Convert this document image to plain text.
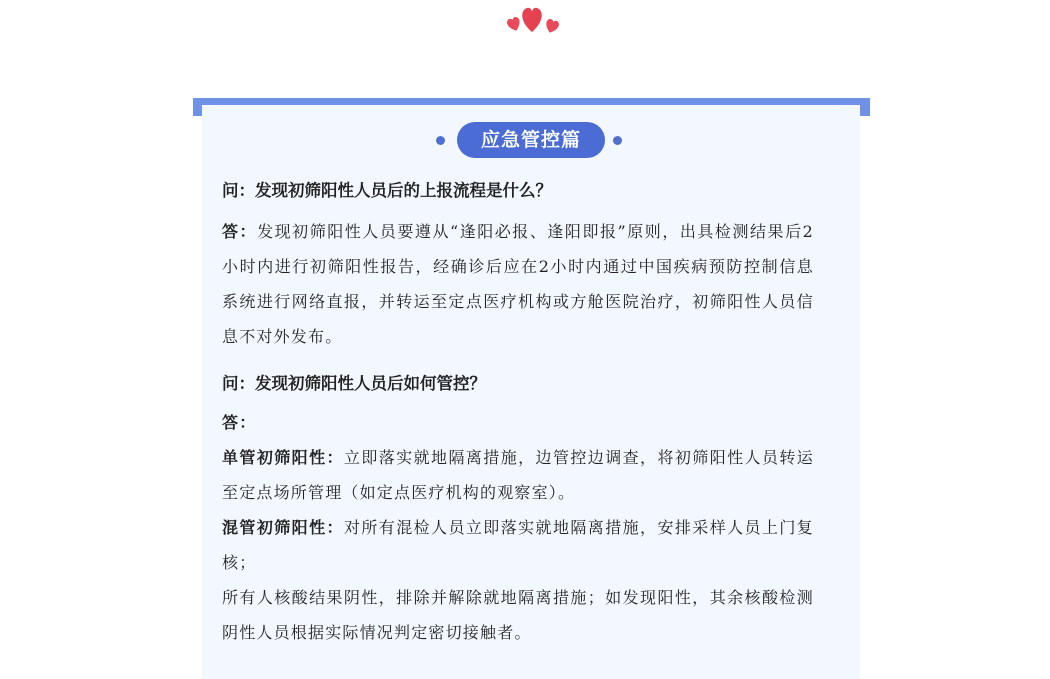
应急管控篇
问：发现初筛阳性人员后的上报流程是什么？

答：发现初筛阳性人员要遵从“逢阳必报、逢阳即报”原则，出具检测结果后2小时内进行初筛阳性报告，经确诊后应在2小时内通过中国疾病预防控制信息系统进行网络直报，并转运至定点医疗机构或方舱医院治疗，初筛阳性人员信息不对外发布。

问：发现初筛阳性人员后如何管控？

答：

单管初筛阳性：立即落实就地隔离措施，边管控边调查，将初筛阳性人员转运至定点场所管理（如定点医疗机构的观察室）。

混管初筛阳性：对所有混检人员立即落实就地隔离措施，安排采样人员上门复核；

所有人核酸结果阴性，排除并解除就地隔离措施；如发现阳性，其余核酸检测阴性人员根据实际情况判定密切接触者。
